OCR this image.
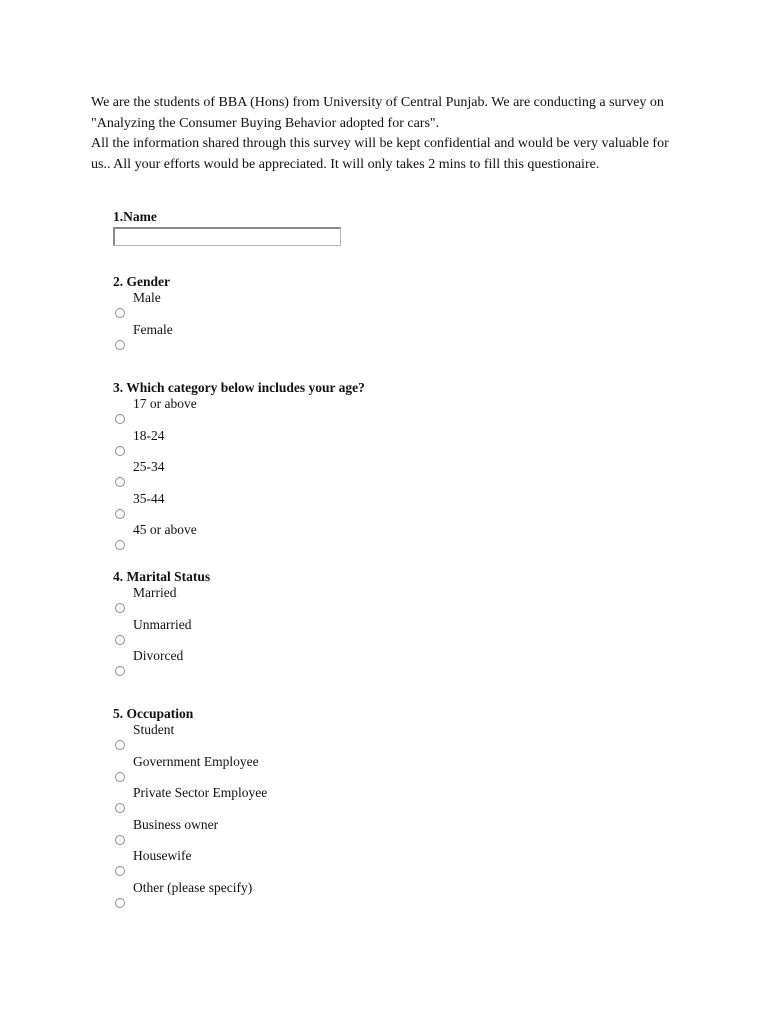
We are the students of BBA (Hons) from University of Central Punjab. We are conducting a survey on "Analyzing the Consumer Buying Behavior adopted for cars".

All the information shared through this survey will be kept confidential and would be very valuable for us.. All your efforts would be appreciated. It will only takes 2 mins to fill this questionaire.

1.Name

2. Gender

Male
Female

3. Which category below includes your age?

17 or above
18-24
25-34
35-44
45 or above

4. Marital Status

Married
Unmarried
Divorced

5. Occupation

Student
Government Employee
Private Sector Employee
Business owner
Housewife
Other (please specify)
